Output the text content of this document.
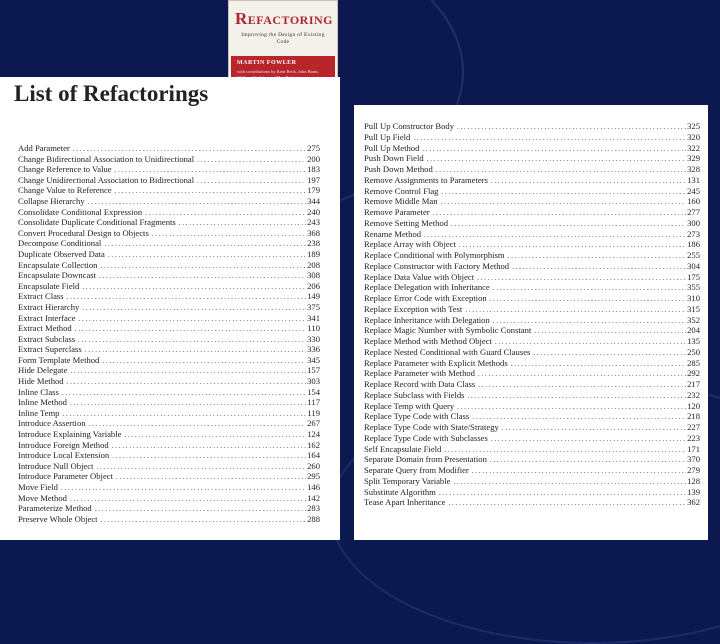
Refactoring
Improving the Design of Existing Code
MARTIN FOWLER
with contributions by Kent Beck, John Brant,
List of Refactorings
Add Parameter . . .	275
Change Bidirectional Association to Unidirectional . . .	200
Change Reference to Value . . .	183
Change Unidirectional Association to Bidirectional . . .	197
Change Value to Reference . . .	179
Collapse Hierarchy . . .	344
Consolidate Conditional Expression . . .	240
Consolidate Duplicate Conditional Fragments . . .	243
Convert Procedural Design to Objects . . .	368
Decompose Conditional . . .	238
Duplicate Observed Data . . .	189
Encapsulate Collection . . .	208
Encapsulate Downcast . . .	308
Encapsulate Field . . .	206
Extract Class . . .	149
Extract Hierarchy . . .	375
Extract Interface . . .	341
Extract Method . . .	110
Extract Subclass . . .	330
Extract Superclass . . .	336
Form Template Method . . .	345
Hide Delegate . . .	157
Hide Method . . .	303
Inline Class . . .	154
Inline Method . . .	117
Inline Temp . . .	119
Introduce Assertion . . .	267
Introduce Explaining Variable . . .	124
Introduce Foreign Method . . .	162
Introduce Local Extension . . .	164
Introduce Null Object . . .	260
Introduce Parameter Object . . .	295
Move Field . . .	146
Move Method . . .	142
Parameterize Method . . .	283
Preserve Whole Object . . .	288
Pull Up Constructor Body . . .	325
Pull Up Field . . .	320
Pull Up Method . . .	322
Push Down Field . . .	329
Push Down Method . . .	328
Remove Assignments to Parameters . . .	131
Remove Control Flag . . .	245
Remove Middle Man . . .	160
Remove Parameter . . .	277
Remove Setting Method . . .	300
Rename Method . . .	273
Replace Array with Object . . .	186
Replace Conditional with Polymorphism . . .	255
Replace Constructor with Factory Method . . .	304
Replace Data Value with Object . . .	175
Replace Delegation with Inheritance . . .	355
Replace Error Code with Exception . . .	310
Replace Exception with Test . . .	315
Replace Inheritance with Delegation . . .	352
Replace Magic Number with Symbolic Constant . . .	204
Replace Method with Method Object . . .	135
Replace Nested Conditional with Guard Clauses . . .	250
Replace Parameter with Explicit Methods . . .	285
Replace Parameter with Method . . .	292
Replace Record with Data Class . . .	217
Replace Subclass with Fields . . .	232
Replace Temp with Query . . .	120
Replace Type Code with Class . . .	218
Replace Type Code with State/Strategy . . .	227
Replace Type Code with Subclasses . . .	223
Self Encapsulate Field . . .	171
Separate Domain from Presentation . . .	370
Separate Query from Modifier . . .	279
Split Temporary Variable . . .	128
Substitute Algorithm . . .	139
Tease Apart Inheritance . . .	362
